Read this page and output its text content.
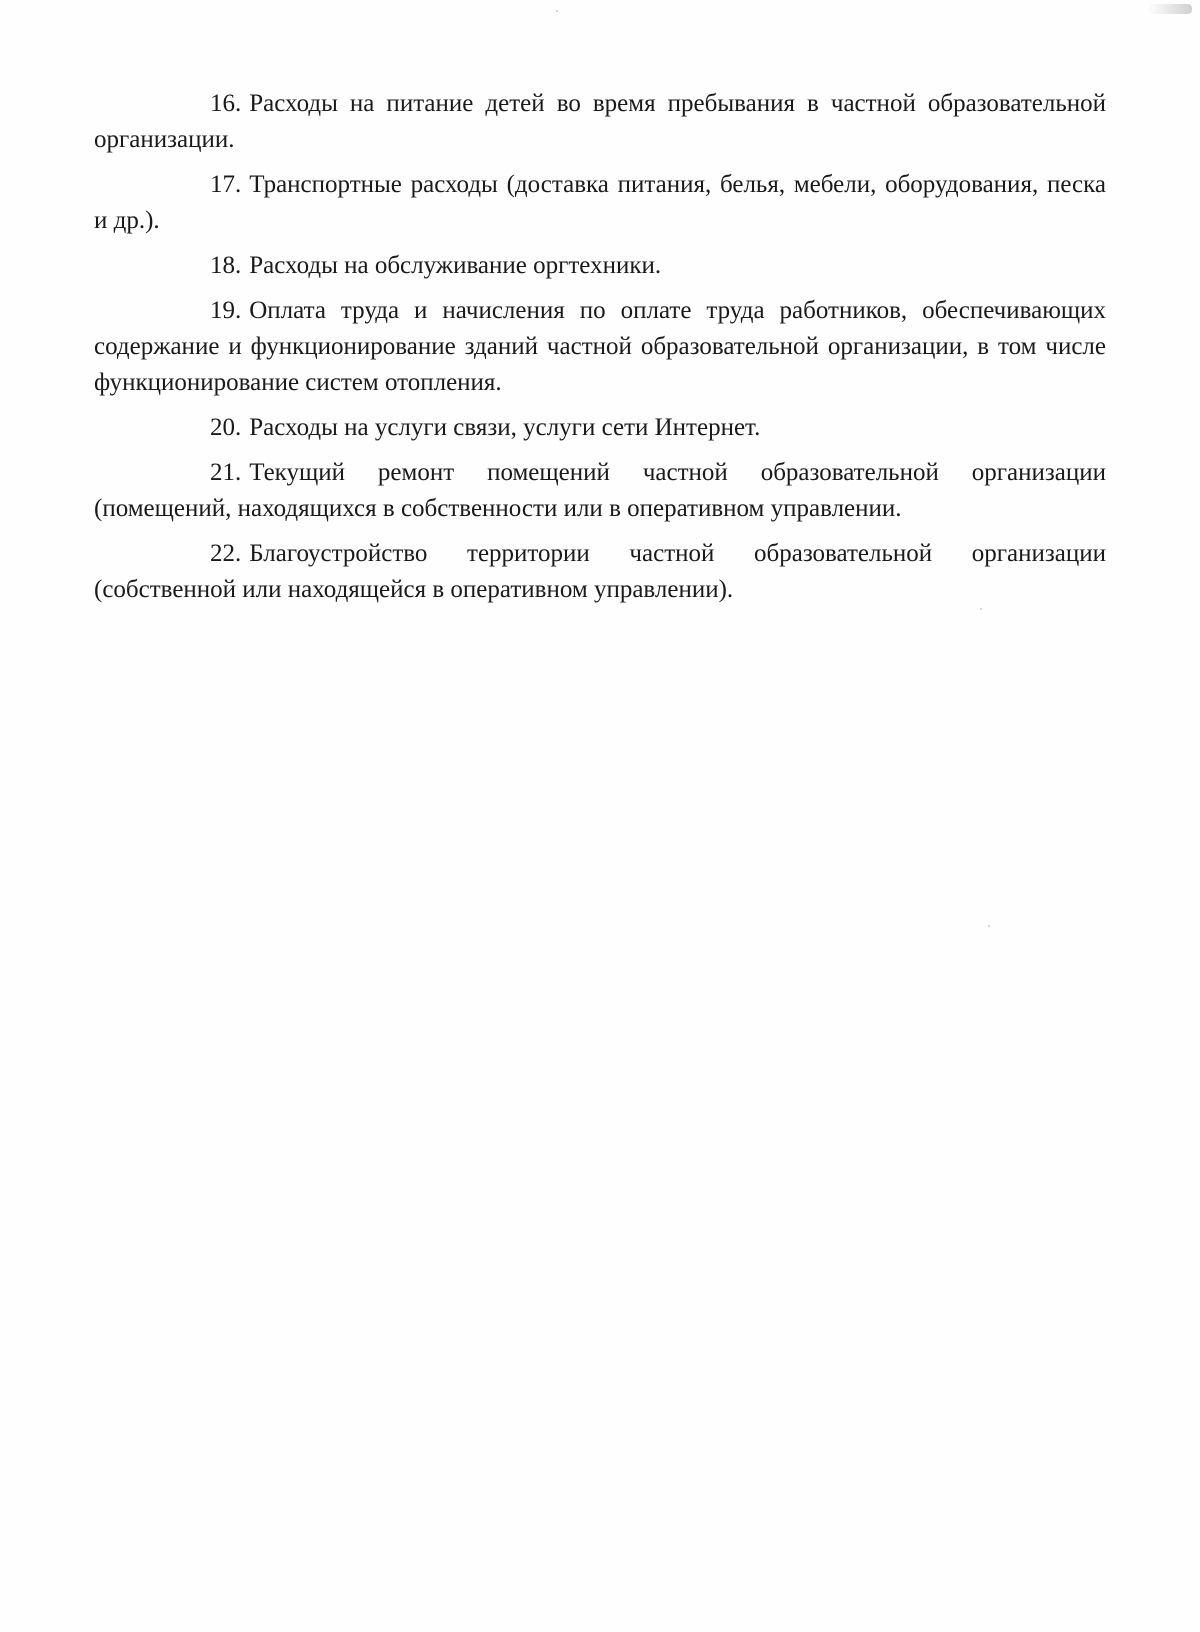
16. Расходы на питание детей во время пребывания в частной образовательной организации.

17. Транспортные расходы (доставка питания, белья, мебели, оборудования, песка и др.).

18. Расходы на обслуживание оргтехники.

19. Оплата труда и начисления по оплате труда работников, обеспечивающих содержание и функционирование зданий частной образовательной организации, в том числе функционирование систем отопления.

20. Расходы на услуги связи, услуги сети Интернет.

21. Текущий ремонт помещений частной образовательной организации (помещений, находящихся в собственности или в оперативном управлении.

22. Благоустройство территории частной образовательной организации (собственной или находящейся в оперативном управлении).
